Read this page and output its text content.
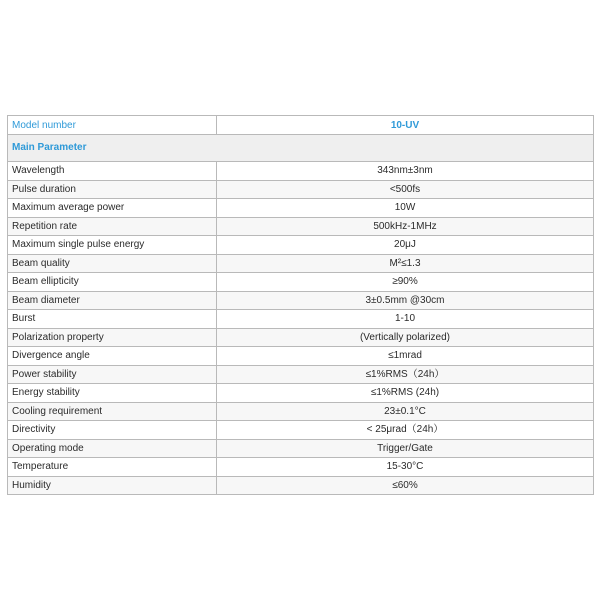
Model number	10-UV
Main Parameter	
Wavelength	343nm±3nm
Pulse duration	<500fs
Maximum average power	10W
Repetition rate	500kHz-1MHz
Maximum single pulse energy	20μJ
Beam quality	M²≤1.3
Beam ellipticity	≥90%
Beam diameter	3±0.5mm @30cm
Burst	1-10
Polarization property	(Vertically polarized)
Divergence angle	≤1mrad
Power stability	≤1%RMS（24h）
Energy stability	≤1%RMS (24h)
Cooling requirement	23±0.1°C
Directivity	< 25μrad（24h）
Operating mode	Trigger/Gate
Temperature	15-30°C
Humidity	≤60%
